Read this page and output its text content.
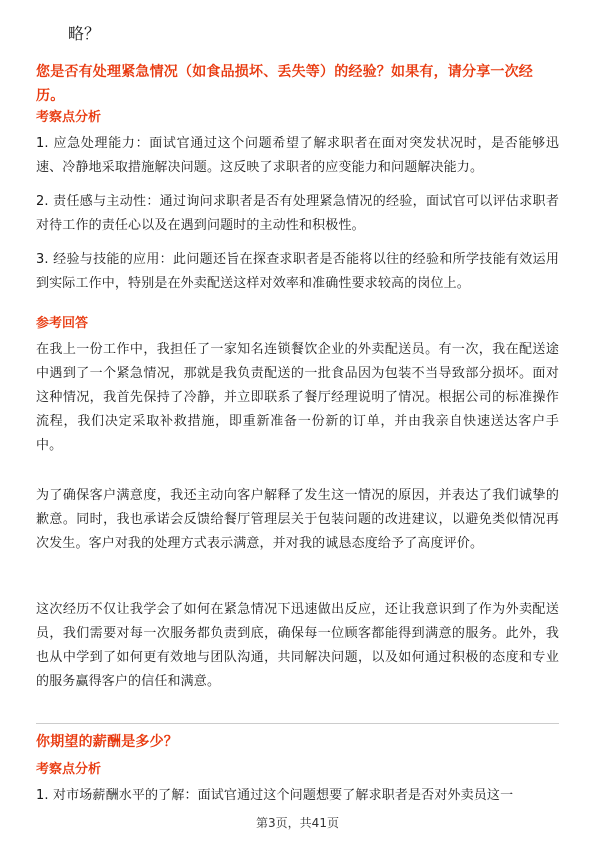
略？
您是否有处理紧急情况（如食品损坏、丢失等）的经验？如果有，请分享一次经历。
考察点分析
1. 应急处理能力：面试官通过这个问题希望了解求职者在面对突发状况时，是否能够迅速、冷静地采取措施解决问题。这反映了求职者的应变能力和问题解决能力。
2. 责任感与主动性：通过询问求职者是否有处理紧急情况的经验，面试官可以评估求职者对待工作的责任心以及在遇到问题时的主动性和积极性。
3. 经验与技能的应用：此问题还旨在探查求职者是否能将以往的经验和所学技能有效运用到实际工作中，特别是在外卖配送这样对效率和准确性要求较高的岗位上。
参考回答
在我上一份工作中，我担任了一家知名连锁餐饮企业的外卖配送员。有一次，我在配送途中遇到了一个紧急情况，那就是我负责配送的一批食品因为包装不当导致部分损坏。面对这种情况，我首先保持了冷静，并立即联系了餐厅经理说明了情况。根据公司的标准操作流程，我们决定采取补救措施，即重新准备一份新的订单，并由我亲自快速送达客户手中。
为了确保客户满意度，我还主动向客户解释了发生这一情况的原因，并表达了我们诚挚的歉意。同时，我也承诺会反馈给餐厅管理层关于包装问题的改进建议，以避免类似情况再次发生。客户对我的处理方式表示满意，并对我的诚恳态度给予了高度评价。
这次经历不仅让我学会了如何在紧急情况下迅速做出反应，还让我意识到了作为外卖配送员，我们需要对每一次服务都负责到底，确保每一位顾客都能得到满意的服务。此外，我也从中学到了如何更有效地与团队沟通，共同解决问题，以及如何通过积极的态度和专业的服务赢得客户的信任和满意。
你期望的薪酬是多少？
考察点分析
1. 对市场薪酬水平的了解：面试官通过这个问题想要了解求职者是否对外卖员这一
第3页，共41页
